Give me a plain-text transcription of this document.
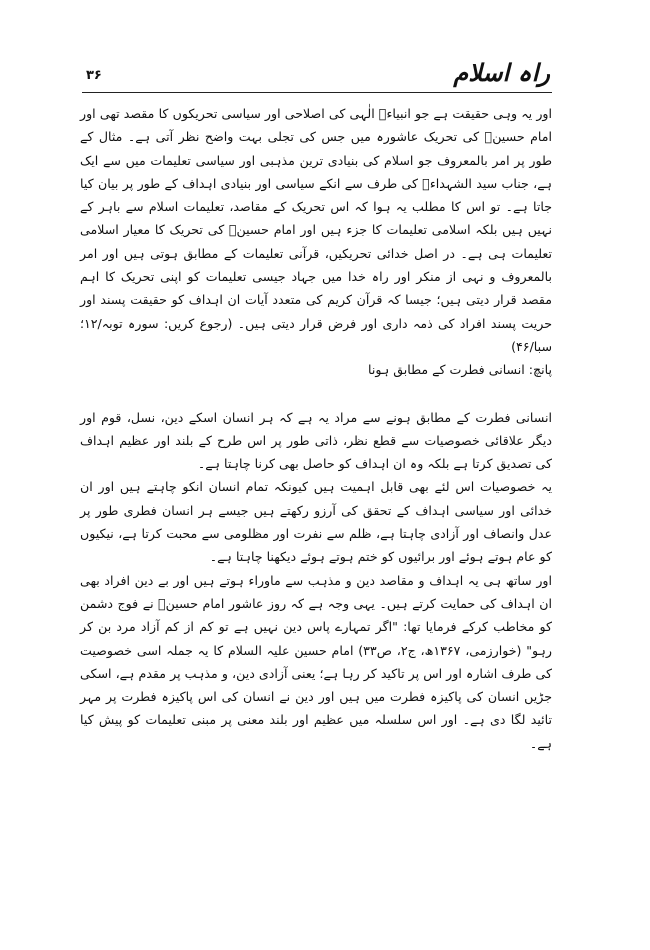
۳۶	راہ اسلام

اور یہ وہی حقیقت ہے جو انبیاءؑ الٰہی کی اصلاحی اور سیاسی تحریکوں کا مقصد تھی اور امام حسینؑ کی تحریک عاشورہ میں جس کی تجلی بہت واضح نظر آتی ہے۔ مثال کے طور پر امر بالمعروف جو اسلام کی بنیادی ترین مذہبی اور سیاسی تعلیمات میں سے ایک ہے، جناب سید الشہداءؑ کی طرف سے انکے سیاسی اور بنیادی اہداف کے طور پر بیان کیا جاتا ہے۔ تو اس کا مطلب یہ ہوا کہ اس تحریک کے مقاصد، تعلیمات اسلام سے باہر کے نہیں ہیں بلکہ اسلامی تعلیمات کا جزء ہیں اور امام حسینؑ کی تحریک کا معیار اسلامی تعلیمات ہی ہے۔ در اصل خدائی تحریکیں، قرآنی تعلیمات کے مطابق ہوتی ہیں اور امر بالمعروف و نہی از منکر اور راہ خدا میں جہاد جیسی تعلیمات کو اپنی تحریک کا اہم مقصد قرار دیتی ہیں؛ جیسا کہ قرآن کریم کی متعدد آیات ان اہداف کو حقیقت پسند اور حریت پسند افراد کی ذمہ داری اور فرض قرار دیتی ہیں۔ (رجوع کریں: سورہ توبہ/۱۲؛ سبا/۴۶)

پانچ: انسانی فطرت کے مطابق ہونا

انسانی فطرت کے مطابق ہونے سے مراد یہ ہے کہ ہر انسان اسکے دین، نسل، قوم اور دیگر علاقائی خصوصیات سے قطع نظر، ذاتی طور پر اس طرح کے بلند اور عظیم اہداف کی تصدیق کرتا ہے بلکہ وہ ان اہداف کو حاصل بھی کرنا چاہتا ہے۔

یہ خصوصیات اس لئے بھی قابل اہمیت ہیں کیونکہ تمام انسان انکو چاہتے ہیں اور ان خدائی اور سیاسی اہداف کے تحقق کی آرزو رکھتے ہیں جیسے ہر انسان فطری طور پر عدل وانصاف اور آزادی چاہتا ہے، ظلم سے نفرت اور مظلومی سے محبت کرتا ہے، نیکیوں کو عام ہوتے ہوئے اور برائیوں کو ختم ہوتے ہوئے دیکھنا چاہتا ہے۔

اور ساتھ ہی یہ اہداف و مقاصد دین و مذہب سے ماوراء ہوتے ہیں اور بے دین افراد بھی ان اہداف کی حمایت کرتے ہیں۔ یہی وجہ ہے کہ روز عاشور امام حسینؑ نے فوج دشمن کو مخاطب کرکے فرمایا تھا: "اگر تمہارے پاس دین نہیں ہے تو کم از کم آزاد مرد بن کر رہو" (خوارزمی، ۱۳۶۷ھ، ج۲، ص۳۳) امام حسین علیہ السلام کا یہ جملہ اسی خصوصیت کی طرف اشارہ اور اس پر تاکید کر رہا ہے؛ یعنی آزادی دین، و مذہب پر مقدم ہے، اسکی جڑیں انسان کی پاکیزہ فطرت میں ہیں اور دین نے انسان کی اس پاکیزہ فطرت پر مہر تائید لگا دی ہے۔ اور اس سلسلہ میں عظیم اور بلند معنی پر مبنی تعلیمات کو پیش کیا ہے۔
